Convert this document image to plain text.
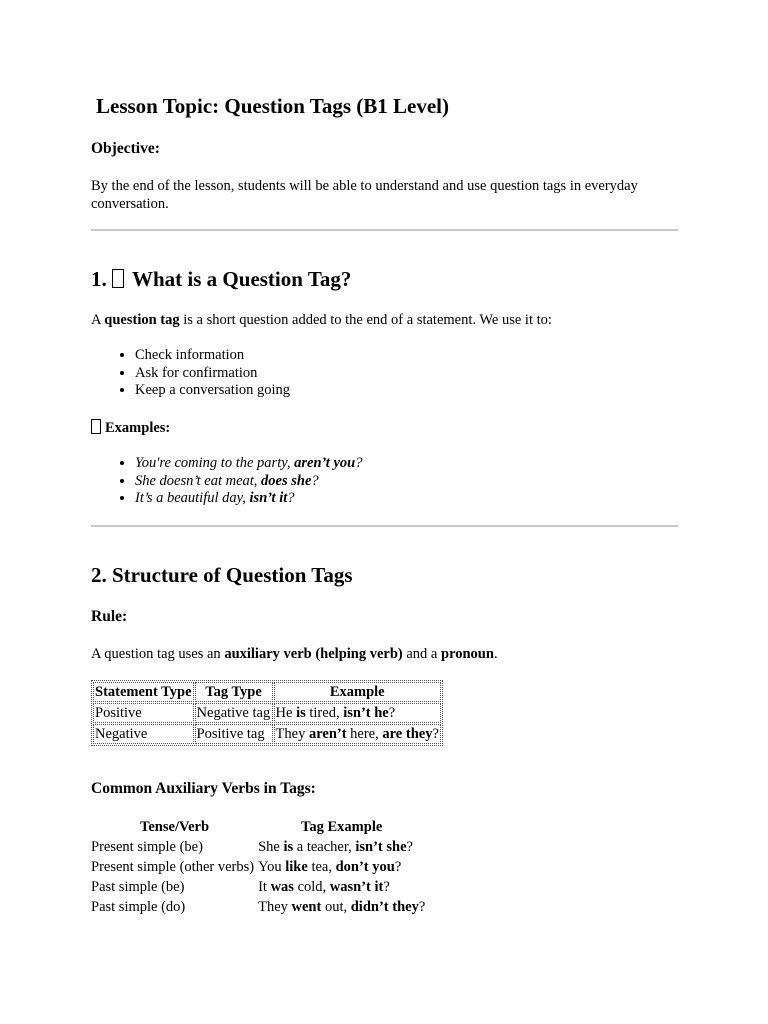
Lesson Topic: Question Tags (B1 Level)
Objective:
By the end of the lesson, students will be able to understand and use question tags in everyday conversation.
1. What is a Question Tag?
A question tag is a short question added to the end of a statement. We use it to:
• Check information
• Ask for confirmation
• Keep a conversation going
Examples:
• You're coming to the party, aren’t you?
• She doesn’t eat meat, does she?
• It’s a beautiful day, isn’t it?
2. Structure of Question Tags
Rule:
A question tag uses an auxiliary verb (helping verb) and a pronoun.
Statement Type	Tag Type	Example
Positive	Negative tag	He is tired, isn’t he?
Negative	Positive tag	They aren’t here, are they?
Common Auxiliary Verbs in Tags:
Tense/Verb	Tag Example
Present simple (be)	She is a teacher, isn’t she?
Present simple (other verbs)	You like tea, don’t you?
Past simple (be)	It was cold, wasn’t it?
Past simple (do)	They went out, didn’t they?
